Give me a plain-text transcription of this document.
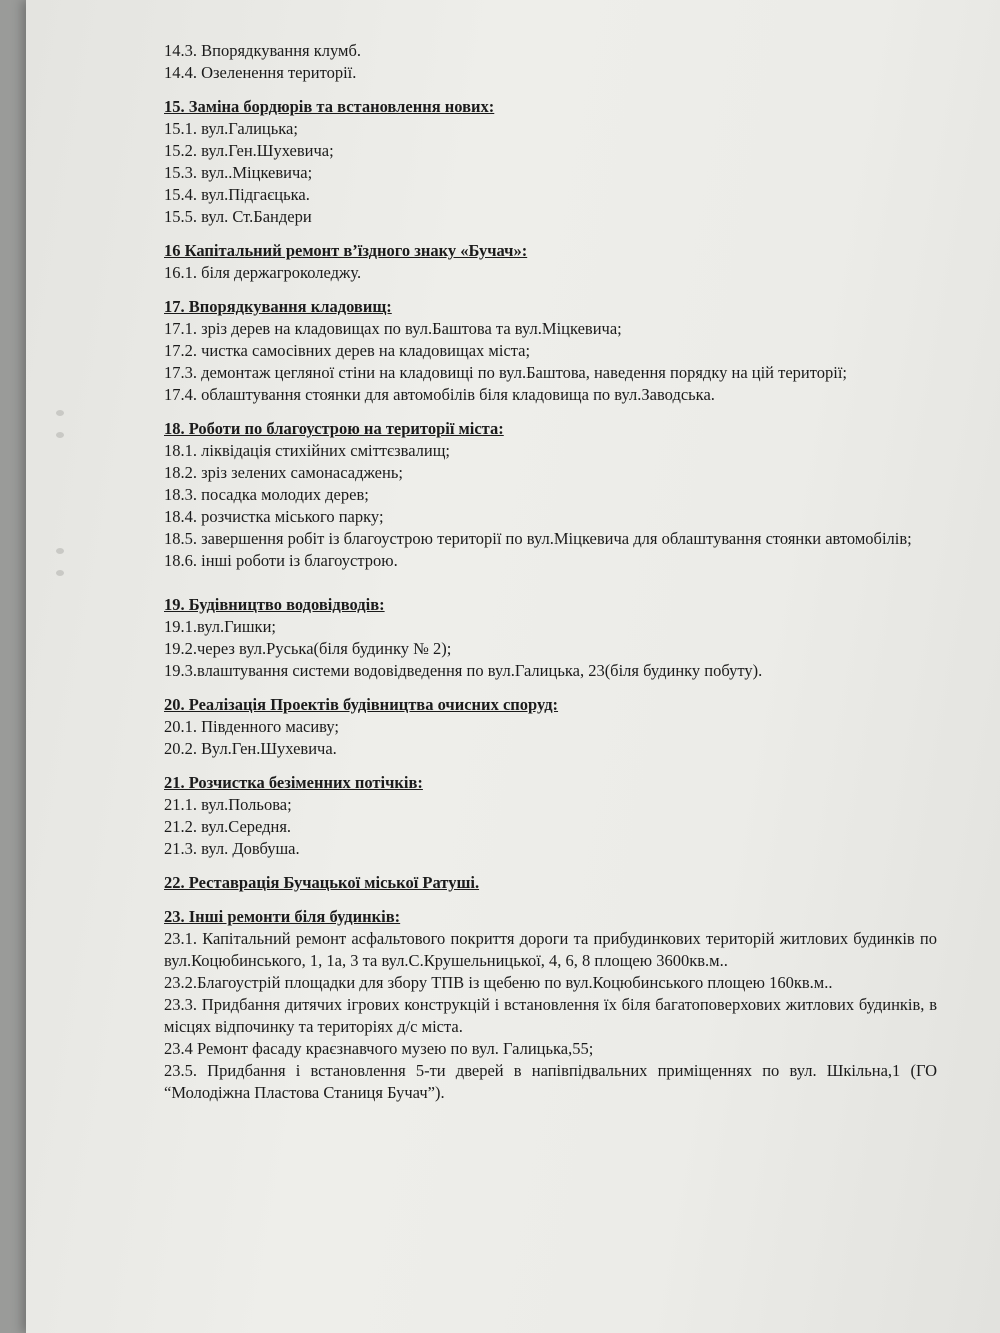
14.3. Впорядкування клумб.

14.4. Озеленення території.

15. Заміна бордюрів та встановлення нових:

15.1. вул.Галицька;

15.2. вул.Ген.Шухевича;

15.3. вул..Міцкевича;

15.4. вул.Підгаєцька.

15.5. вул. Ст.Бандери

16 Капітальний ремонт в’їздного знаку «Бучач»:

16.1. біля держагроколеджу.

17. Впорядкування кладовищ:

17.1. зріз дерев на кладовищах по вул.Баштова та вул.Міцкевича;

17.2. чистка самосівних дерев на кладовищах міста;

17.3. демонтаж цегляної стіни на кладовищі по вул.Баштова, наведення порядку на цій території;

17.4. облаштування стоянки для автомобілів біля кладовища по вул.Заводська.

18. Роботи по благоустрою на території міста:

18.1. ліквідація стихійних сміттєзвалищ;

18.2. зріз зелених самонасаджень;

18.3. посадка молодих дерев;

18.4. розчистка міського парку;

18.5. завершення робіт із благоустрою території по вул.Міцкевича для облаштування стоянки автомобілів;

18.6. інші роботи із благоустрою.

19. Будівництво водовідводів:

19.1.вул.Гишки;

19.2.через вул.Руська(біля будинку № 2);

19.3.влаштування системи водовідведення по вул.Галицька, 23(біля будинку побуту).

20. Реалізація Проектів будівництва очисних споруд:

20.1. Південного масиву;

20.2. Вул.Ген.Шухевича.

21. Розчистка безіменних потічків:

21.1. вул.Польова;

21.2. вул.Середня.

21.3. вул. Довбуша.

22. Реставрація Бучацької міської Ратуші.

23. Інші ремонти біля будинків:

23.1. Капітальний ремонт асфальтового покриття дороги та прибудинкових територій житлових будинків по вул.Коцюбинського, 1, 1а, 3 та вул.С.Крушельницької, 4, 6, 8 площею 3600кв.м..

23.2.Благоустрій площадки для збору ТПВ із щебеню по вул.Коцюбинського площею 160кв.м..

23.3. Придбання дитячих ігрових конструкцій і встановлення їх біля багатоповерхових житлових будинків, в місцях відпочинку та територіях д/с міста.

23.4 Ремонт фасаду краєзнавчого музею по вул. Галицька,55;

23.5. Придбання і встановлення 5-ти дверей в напівпідвальних приміщеннях по вул. Шкільна,1 (ГО “Молодіжна Пластова Станиця Бучач”).
